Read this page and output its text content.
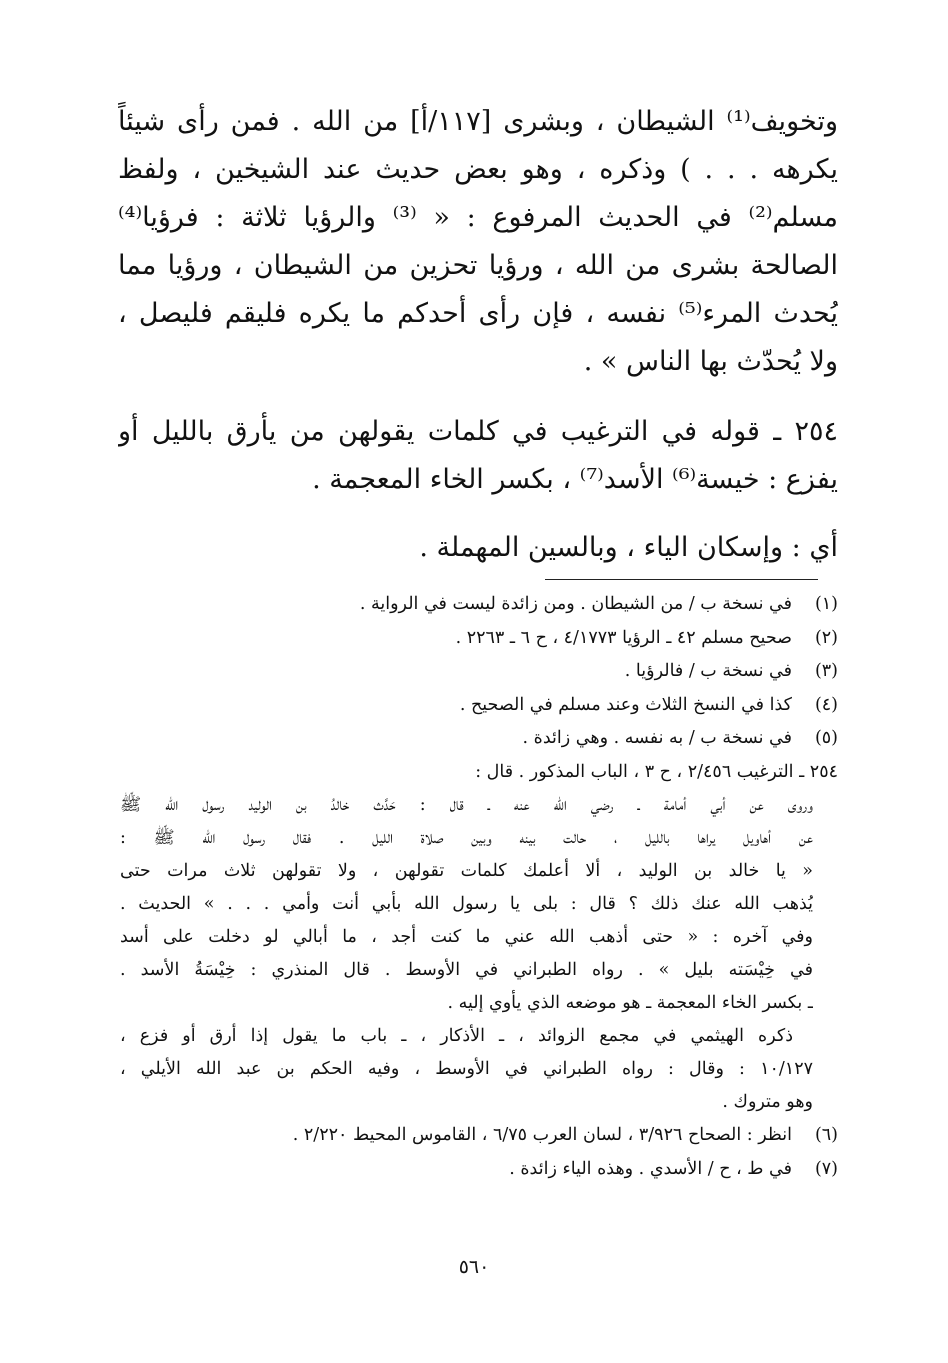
وتخويف⁽¹⁾ الشيطان ، وبشرى [١١٧/أ] من الله . فمن رأى شيئاً
يكرهه . . . ) وذكره ، وهو بعض حديث عند الشيخين ، ولفظ
مسلم⁽²⁾ في الحديث المرفوع : « ⁽³⁾ والرؤيا ثلاثة : فرؤيا⁽⁴⁾
الصالحة بشرى من الله ، ورؤيا تحزين من الشيطان ، ورؤيا مما
يُحدث المرء⁽⁵⁾ نفسه ، فإن رأى أحدكم ما يكره فليقم فليصل ،
ولا يُحدّث بها الناس » .
٢٥٤ ـ قوله في الترغيب في كلمات يقولهن من يأرق بالليل أو
يفزع : خيسة⁽⁶⁾ الأسد⁽⁷⁾ ، بكسر الخاء المعجمة .
أي : وإسكان الياء ، وبالسين المهملة .
(١)
في نسخة ب / من الشيطان . ومن زائدة ليست في الرواية .
(٢)
صحيح مسلم ٤٢ ـ الرؤيا ٤/١٧٧٣ ، ح ٦ ـ ٢٢٦٣ .
(٣)
في نسخة ب / فالرؤيا .
(٤)
كذا في النسخ الثلاث وعند مسلم في الصحيح .
(٥)
في نسخة ب / به نفسه . وهي زائدة .
٢٥٤ ـ الترغيب ٢/٤٥٦ ، ح ٣ ، الباب المذكور . قال :
وروى عن أبي أمامة ـ رضي الله عنه ـ قال : حَدَّث خالدُ بن الوليد رسول الله ﷺ
عن أهاويل يراها بالليل ، حالت بينه وبين صلاة الليل . فقال رسول الله ﷺ :
« يا خالد بن الوليد ، ألا أعلمك كلمات تقولهن ، ولا تقولهن ثلاث مرات حتى
يُذهب الله عنك ذلك ؟ قال : بلى يا رسول الله بأبي أنت وأمي . . . » الحديث .
وفي آخره : « حتى أذهب الله عني ما كنت أجد ، ما أبالي لو دخلت على أسد
في خِيْسَته بليل » . رواه الطبراني في الأوسط . قال المنذري : خِيْسَةُ الأسد .
ـ بكسر الخاء المعجمة ـ هو موضعه الذي يأوي إليه .
ذكره الهيثمي في مجمع الزوائد ، ـ الأذكار ، ـ باب ما يقول إذا أرق أو فزع ،
١٠/١٢٧ : وقال : رواه الطبراني في الأوسط ، وفيه الحكم بن عبد الله الأيلي ،
وهو متروك .
(٦)
انظر : الصحاح ٣/٩٢٦ ، لسان العرب ٦/٧٥ ، القاموس المحيط ٢/٢٢٠ .
(٧)
في ط ، ح / الأسدي . وهذه الياء زائدة .
٥٦٠
